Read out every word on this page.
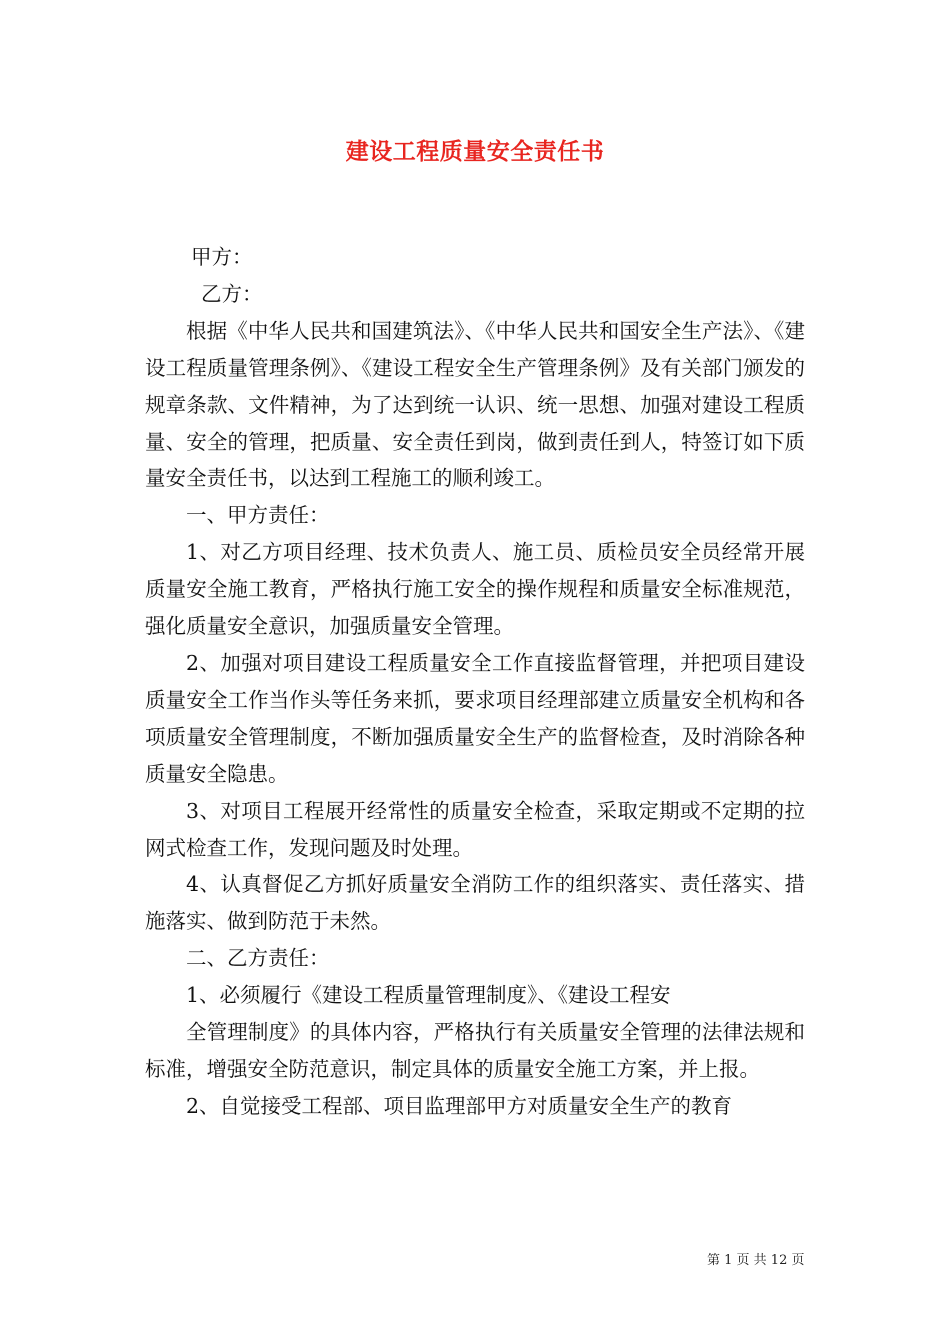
建设工程质量安全责任书

甲方：

乙方：

根据《中华人民共和国建筑法》、《中华人民共和国安全生产法》、《建设工程质量管理条例》、《建设工程安全生产管理条例》及有关部门颁发的规章条款、文件精神，为了达到统一认识、统一思想、加强对建设工程质量、安全的管理，把质量、安全责任到岗，做到责任到人，特签订如下质量安全责任书，以达到工程施工的顺利竣工。

一、甲方责任：

1、对乙方项目经理、技术负责人、施工员、质检员安全员经常开展质量安全施工教育，严格执行施工安全的操作规程和质量安全标准规范，强化质量安全意识，加强质量安全管理。

2、加强对项目建设工程质量安全工作直接监督管理，并把项目建设质量安全工作当作头等任务来抓，要求项目经理部建立质量安全机构和各项质量安全管理制度，不断加强质量安全生产的监督检查，及时消除各种质量安全隐患。

3、对项目工程展开经常性的质量安全检查，采取定期或不定期的拉网式检查工作，发现问题及时处理。

4、认真督促乙方抓好质量安全消防工作的组织落实、责任落实、措施落实、做到防范于未然。

二、乙方责任：

1、必须履行《建设工程质量管理制度》、《建设工程安

全管理制度》的具体内容，严格执行有关质量安全管理的法律法规和标准，增强安全防范意识，制定具体的质量安全施工方案，并上报。

2、自觉接受工程部、项目监理部甲方对质量安全生产的教育

第 1 页 共 12 页
